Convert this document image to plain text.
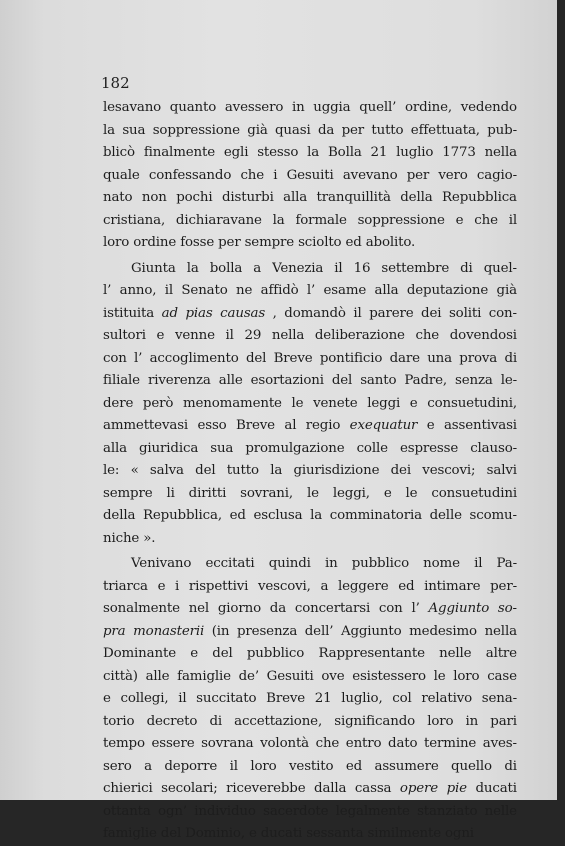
182
lesavano quanto avessero in uggia quell’ ordine, vedendo
la sua soppressione già quasi da per tutto effettuata, pub-
blicò finalmente egli stesso la Bolla 21 luglio 1773 nella
quale confessando che i Gesuiti avevano per vero cagio-
nato non pochi disturbi alla tranquillità della Repubblica
cristiana, dichiaravane la formale soppressione e che il
loro ordine fosse per sempre sciolto ed abolito.
Giunta la bolla a Venezia il 16 settembre di quel-
l’ anno, il Senato ne affidò l’ esame alla deputazione già
istituita ad pias causas , domandò il parere dei soliti con-
sultori e venne il 29 nella deliberazione che dovendosi
con l’ accoglimento del Breve pontificio dare una prova di
filiale riverenza alle esortazioni del santo Padre, senza le-
dere però menomamente le venete leggi e consuetudini,
ammettevasi esso Breve al regio exequatur e assentivasi
alla giuridica sua promulgazione colle espresse clauso-
le: « salva del tutto la giurisdizione dei vescovi; salvi
sempre li diritti sovrani, le leggi, e le consuetudini
della Repubblica, ed esclusa la comminatoria delle scomu-
niche ».
Venivano eccitati quindi in pubblico nome il Pa-
triarca e i rispettivi vescovi, a leggere ed intimare per-
sonalmente nel giorno da concertarsi con l’ Aggiunto so-
pra monasterii (in presenza dell’ Aggiunto medesimo nella
Dominante e del pubblico Rappresentante nelle altre
città) alle famiglie de’ Gesuiti ove esistessero le loro case
e collegi, il succitato Breve 21 luglio, col relativo sena-
torio decreto di accettazione, significando loro in pari
tempo essere sovrana volontà che entro dato termine aves-
sero a deporre il loro vestito ed assumere quello di
chierici secolari; riceverebbe dalla cassa opere pie ducati
ottanta ogn’ individuo sacerdote legalmente stanziato nelle
famiglie del Dominio, e ducati sessanta similmente ogni
